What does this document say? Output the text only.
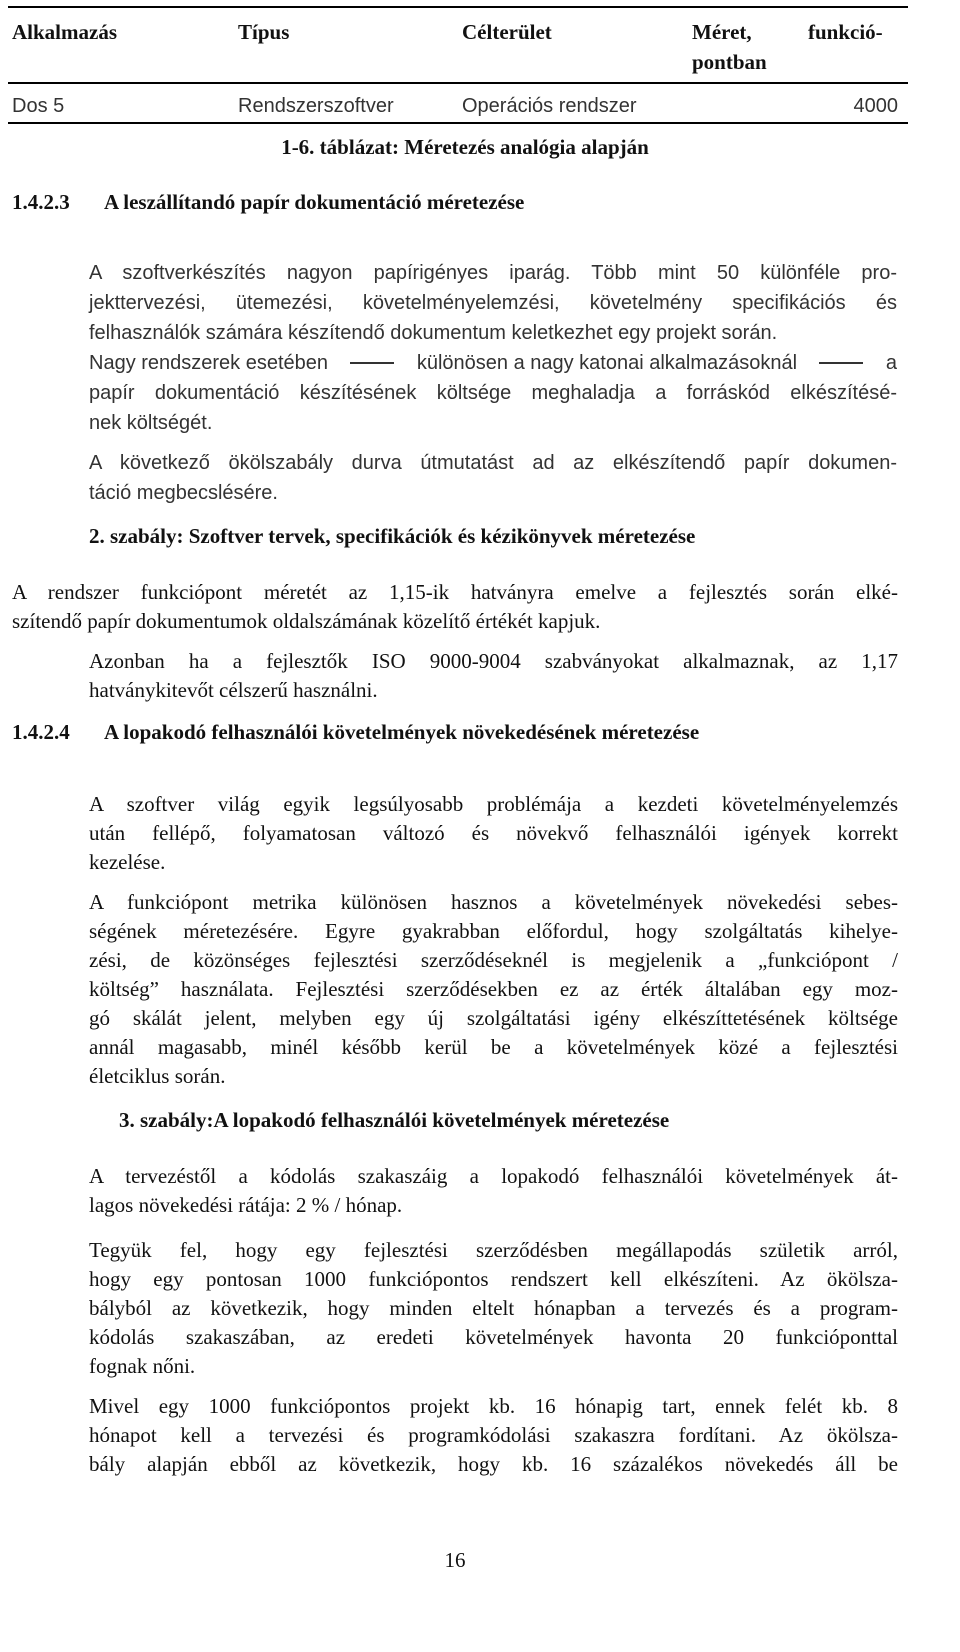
Alkalmazás	Típus	Célterület	Méret,	funkció-
pontban
Dos 5	Rendszerszoftver	Operációs rendszer	4000
1-6. táblázat: Méretezés analógia alapján
1.4.2.3 A leszállítandó papír dokumentáció méretezése
A szoftverkészítés nagyon papírigényes iparág. Több mint 50 különféle pro-
jekttervezési, ütemezési, követelményelemzési, követelmény specifikációs és
felhasználók számára készítendő dokumentum keletkezhet egy projekt során.
Nagy rendszerek esetében	különösen a nagy katonai alkalmazásoknál	a
papír dokumentáció készítésének költsége meghaladja a forráskód elkészítésé-
nek költségét.
A következő ökölszabály durva útmutatást ad az elkészítendő papír dokumen-
táció megbecslésére.
2. szabály: Szoftver tervek, specifikációk és kézikönyvek méretezése
A rendszer funkciópont méretét az 1,15-ik hatványra emelve a fejlesztés során elké-
szítendő papír dokumentumok oldalszámának közelítő értékét kapjuk.
Azonban ha a fejlesztők ISO 9000-9004 szabványokat alkalmaznak, az 1,17
hatványkitevőt célszerű használni.
1.4.2.4 A lopakodó felhasználói követelmények növekedésének méretezése
A szoftver világ egyik legsúlyosabb problémája a kezdeti követelményelemzés
után fellépő, folyamatosan változó és növekvő felhasználói igények korrekt
kezelése.
A funkciópont metrika különösen hasznos a követelmények növekedési sebes-
ségének méretezésére. Egyre gyakrabban előfordul, hogy szolgáltatás kihelye-
zési, de közönséges fejlesztési szerződéseknél is megjelenik a „funkciópont /
költség” használata. Fejlesztési szerződésekben ez az érték általában egy moz-
gó skálát jelent, melyben egy új szolgáltatási igény elkészíttetésének költsége
annál magasabb, minél később kerül be a követelmények közé a fejlesztési
életciklus során.
3. szabály:A lopakodó felhasználói követelmények méretezése
A tervezéstől a kódolás szakaszáig a lopakodó felhasználói követelmények át-
lagos növekedési rátája: 2 % / hónap.
Tegyük fel, hogy egy fejlesztési szerződésben megállapodás születik arról,
hogy egy pontosan 1000 funkciópontos rendszert kell elkészíteni. Az ökölsza-
bályból az következik, hogy minden eltelt hónapban a tervezés és a program-
kódolás szakaszában, az eredeti követelmények havonta 20 funkcióponttal
fognak nőni.
Mivel egy 1000 funkciópontos projekt kb. 16 hónapig tart, ennek felét kb. 8
hónapot kell a tervezési és programkódolási szakaszra fordítani. Az ökölsza-
bály alapján ebből az következik, hogy kb. 16 százalékos növekedés áll be
16
